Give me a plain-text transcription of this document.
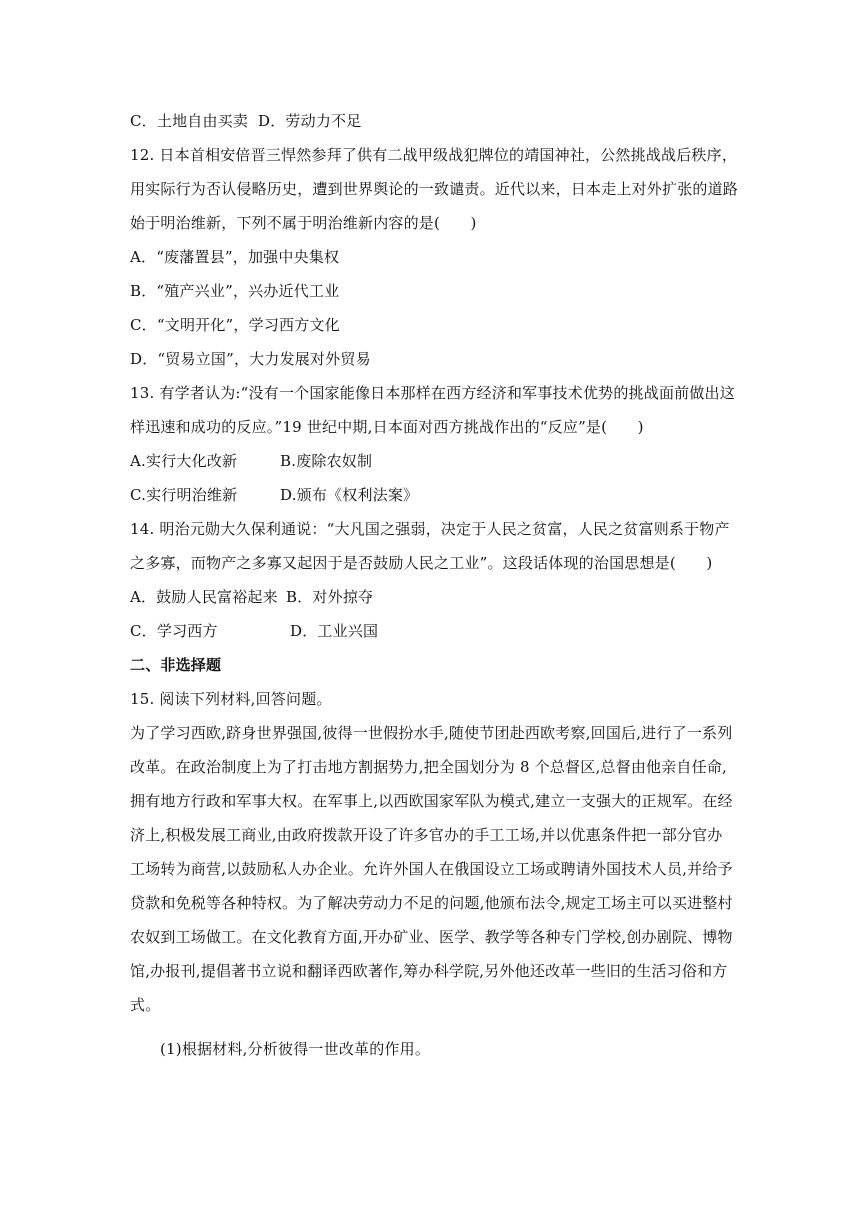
C．土地自由买卖 D．劳动力不足
12. 日本首相安倍晋三悍然参拜了供有二战甲级战犯牌位的靖国神社，公然挑战战后秩序，
用实际行为否认侵略历史，遭到世界舆论的一致谴责。近代以来，日本走上对外扩张的道路
始于明治维新，下列不属于明治维新内容的是(　　)
A．“废藩置县”，加强中央集权
B．“殖产兴业”，兴办近代工业
C．“文明开化”，学习西方文化
D．“贸易立国”，大力发展对外贸易
13. 有学者认为:“没有一个国家能像日本那样在西方经济和军事技术优势的挑战面前做出这
样迅速和成功的反应。”19 世纪中期,日本面对西方挑战作出的“反应”是(　　)
A.实行大化改新	B.废除农奴制
C.实行明治维新	D.颁布《权利法案》
14. 明治元勋大久保利通说：“大凡国之强弱，决定于人民之贫富，人民之贫富则系于物产
之多寡，而物产之多寡又起因于是否鼓励人民之工业”。这段话体现的治国思想是(　　)
A．鼓励人民富裕起来 B．对外掠夺
C．学习西方	D．工业兴国
二、非选择题
15. 阅读下列材料,回答问题。
为了学习西欧,跻身世界强国,彼得一世假扮水手,随使节团赴西欧考察,回国后,进行了一系列
改革。在政治制度上为了打击地方割据势力,把全国划分为 8 个总督区,总督由他亲自任命,
拥有地方行政和军事大权。在军事上,以西欧国家军队为模式,建立一支强大的正规军。在经
济上,积极发展工商业,由政府拨款开设了许多官办的手工工场,并以优惠条件把一部分官办
工场转为商营,以鼓励私人办企业。允许外国人在俄国设立工场或聘请外国技术人员,并给予
贷款和免税等各种特权。为了解决劳动力不足的问题,他颁布法令,规定工场主可以买进整村
农奴到工场做工。在文化教育方面,开办矿业、医学、教学等各种专门学校,创办剧院、博物
馆,办报刊,提倡著书立说和翻译西欧著作,筹办科学院,另外他还改革一些旧的生活习俗和方
式。
(1)根据材料,分析彼得一世改革的作用。
